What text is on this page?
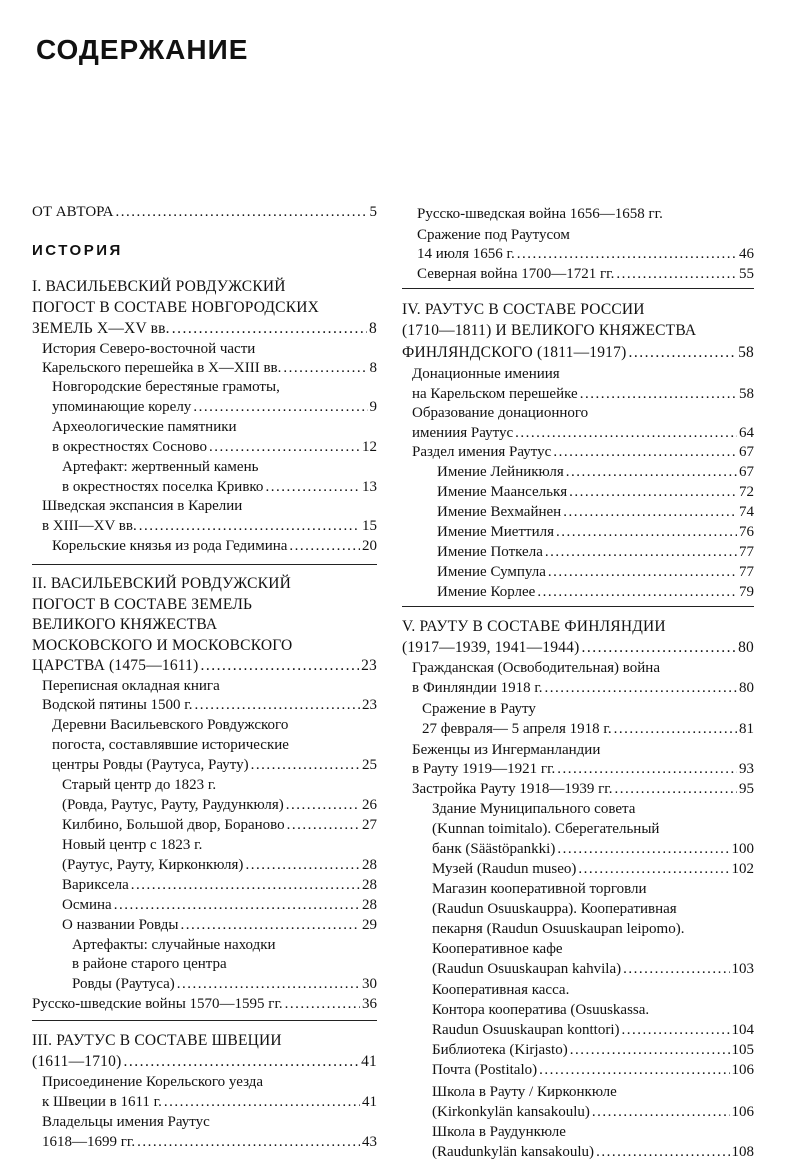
СОДЕРЖАНИЕ
ОТ АВТОРА .....	5
ИСТОРИЯ
I. ВАСИЛЬЕВСКИЙ РОВДУЖСКИЙ
ПОГОСТ В СОСТАВЕ НОВГОРОДСКИХ
ЗЕМЕЛЬ X—XV вв. .....	8
История Северо-восточной части
Карельского перешейка в X—XIII вв. .....	8
Новгородские берестяные грамоты,
упоминающие корелу .....	9
Археологические памятники
в окрестностях Сосново .....	12
Артефакт: жертвенный камень
в окрестностях поселка Кривко .....	13
Шведская экспансия в Карелии
в XIII—XV вв. .....	15
Корельские князья из рода Гедимина .....	20
II. ВАСИЛЬЕВСКИЙ РОВДУЖСКИЙ
ПОГОСТ В СОСТАВЕ ЗЕМЕЛЬ
ВЕЛИКОГО КНЯЖЕСТВА
МОСКОВСКОГО И МОСКОВСКОГО
ЦАРСТВА (1475—1611) .....	23
Переписная окладная книга
Водской пятины 1500 г. .....	23
Деревни Васильевского Ровдужского
погоста, составлявшие исторические
центры Ровды (Раутуса, Рауту) .....	25
Старый центр до 1823 г.
(Ровда, Раутус, Рауту, Раудункюля) .....	26
Килбино, Большой двор, Бораново .....	27
Новый центр с 1823 г.
(Раутус, Рауту, Кирконкюля) .....	28
Вариксела .....	28
Осмина .....	28
О названии Ровды .....	29
Артефакты: случайные находки
в районе старого центра
Ровды (Раутуса) .....	30
Русско-шведские войны 1570—1595 гг. .....	36
III. РАУТУС В СОСТАВЕ ШВЕЦИИ
(1611—1710) .....	41
Присоединение Корельского уезда
к Швеции в 1611 г. .....	41
Владельцы имения Раутус
1618—1699 гг. .....	43
Русско-шведская война 1656—1658 гг.
Сражение под Раутусом
14 июля 1656 г. .....	46
Северная война 1700—1721 гг. .....	55
IV. РАУТУС В СОСТАВЕ РОССИИ
(1710—1811) И ВЕЛИКОГО КНЯЖЕСТВА
ФИНЛЯНДСКОГО (1811—1917) .....	58
Донационные имениия
на Карельском перешейке .....	58
Образование донационного
имениия Раутус .....	64
Раздел имения Раутус .....	67
Имение Лейникюля .....	67
Имение Маанселькя .....	72
Имение Вехмайнен .....	74
Имение Миеттиля .....	76
Имение Поткела .....	77
Имение Сумпула .....	77
Имение Корлее .....	79
V. РАУТУ В СОСТАВЕ ФИНЛЯНДИИ
(1917—1939, 1941—1944) .....	80
Гражданская (Освободительная) война
в Финляндии 1918 г. .....	80
Сражение в Рауту
27 февраля— 5 апреля 1918 г. .....	81
Беженцы из Ингерманландии
в Рауту 1919—1921 гг. .....	93
Застройка Рауту 1918—1939 гг. .....	95
Здание Муниципального совета
(Kunnan toimitalo). Сберегательный
банк (Säästöpankki) .....	100
Музей (Raudun museo) .....	102
Магазин кооперативной торговли
(Raudun Osuuskauppa). Кооперативная
пекарня (Raudun Osuuskaupan leipomo).
Кооперативное кафе
(Raudun Osuuskaupan kahvila) .....	103
Кооперативная касса.
Контора кооператива (Osuuskassa.
Raudun Osuuskaupan konttori) .....	104
Библиотека (Kirjasto) .....	105
Почта (Postitalo) .....	106
Школа в Рауту / Кирконкюле
(Kirkonkylän kansakoulu) .....	106
Школа в Раудункюле
(Raudunkylän kansakoulu) .....	108
